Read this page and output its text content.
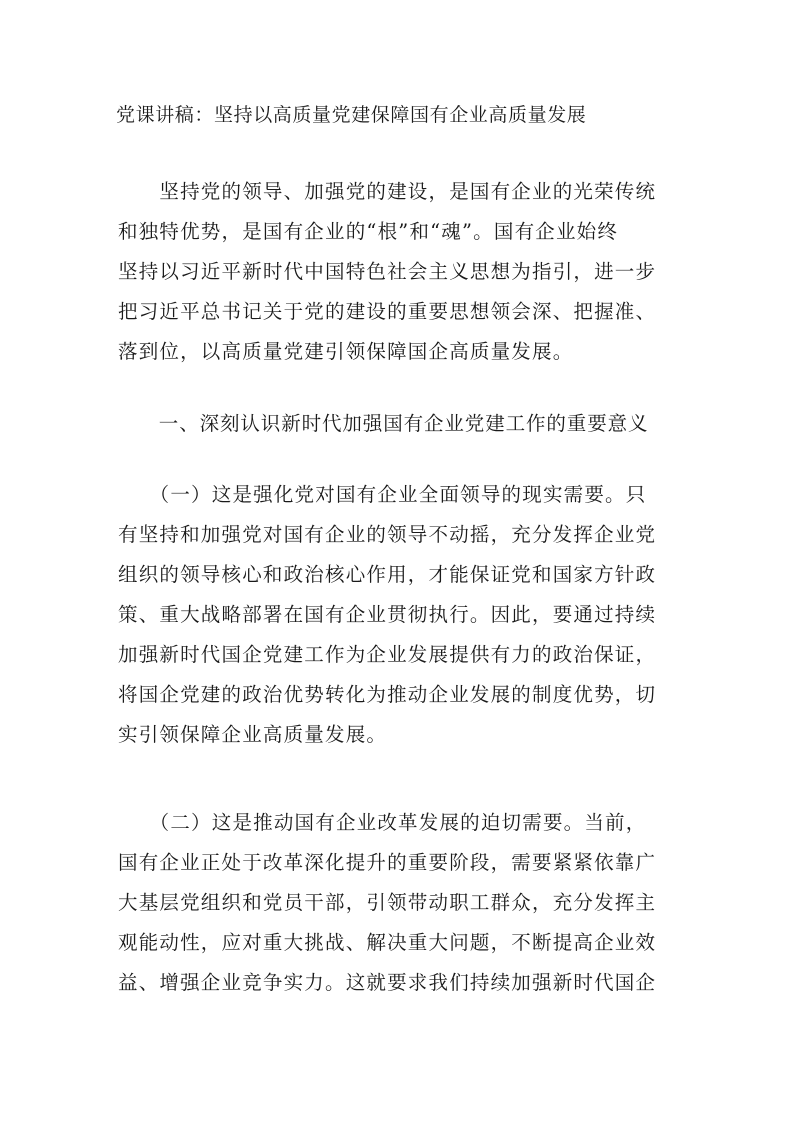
党课讲稿：坚持以高质量党建保障国有企业高质量发展
　　坚持党的领导、加强党的建设，是国有企业的光荣传统
和独特优势，是国有企业的“根”和“魂”。国有企业始终
坚持以习近平新时代中国特色社会主义思想为指引，进一步
把习近平总书记关于党的建设的重要思想领会深、把握准、
落到位，以高质量党建引领保障国企高质量发展。
　　一、深刻认识新时代加强国有企业党建工作的重要意义
　　（一）这是强化党对国有企业全面领导的现实需要。只
有坚持和加强党对国有企业的领导不动摇，充分发挥企业党
组织的领导核心和政治核心作用，才能保证党和国家方针政
策、重大战略部署在国有企业贯彻执行。因此，要通过持续
加强新时代国企党建工作为企业发展提供有力的政治保证，
将国企党建的政治优势转化为推动企业发展的制度优势，切
实引领保障企业高质量发展。
　　（二）这是推动国有企业改革发展的迫切需要。当前，
国有企业正处于改革深化提升的重要阶段，需要紧紧依靠广
大基层党组织和党员干部，引领带动职工群众，充分发挥主
观能动性，应对重大挑战、解决重大问题，不断提高企业效
益、增强企业竞争实力。这就要求我们持续加强新时代国企
